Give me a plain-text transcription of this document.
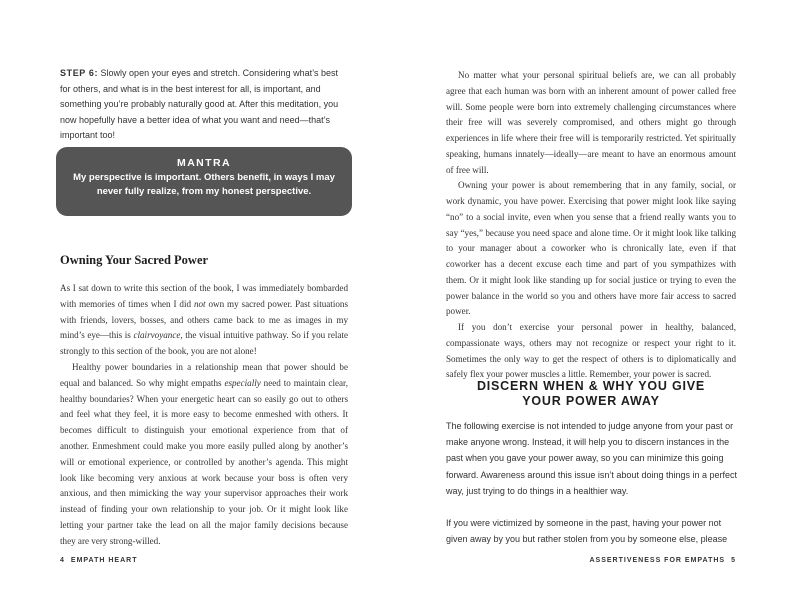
STEP 6: Slowly open your eyes and stretch. Considering what’s best for others, and what is in the best interest for all, is important, and something you’re probably naturally good at. After this meditation, you now hopefully have a better idea of what you want and need—that’s important too!
MANTRA
My perspective is important. Others benefit, in ways I may never fully realize, from my honest perspective.
Owning Your Sacred Power

As I sat down to write this section of the book, I was immediately bombarded with memories of times when I did not own my sacred power. Past situations with friends, lovers, bosses, and others came back to me as images in my mind’s eye—this is clairvoyance, the visual intuitive pathway. So if you relate strongly to this section of the book, you are not alone!

Healthy power boundaries in a relationship mean that power should be equal and balanced. So why might empaths especially need to maintain clear, healthy boundaries? When your energetic heart can so easily go out to others and feel what they feel, it is more easy to become enmeshed with others. It becomes difficult to distinguish your emotional experience from that of another. Enmeshment could make you more easily pulled along by another’s will or emotional experience, or controlled by another’s agenda. This might look like becoming very anxious at work because your boss is often very anxious, and then mimicking the way your supervisor approaches their work instead of finding your own relationship to your job. Or it might look like letting your partner take the lead on all the major family decisions because they are very strong-willed.

4 EMPATH HEART

No matter what your personal spiritual beliefs are, we can all probably agree that each human was born with an inherent amount of power called free will. Some people were born into extremely challenging circumstances where their free will was severely compromised, and others might go through experiences in life where their free will is temporarily restricted. Yet spiritually speaking, humans innately—ideally—are meant to have an enormous amount of free will.

Owning your power is about remembering that in any family, social, or work dynamic, you have power. Exercising that power might look like saying “no” to a social invite, even when you sense that a friend really wants you to say “yes,” because you need space and alone time. Or it might look like talking to your manager about a coworker who is chronically late, even if that coworker has a decent excuse each time and part of you sympathizes with them. Or it might look like standing up for social justice or trying to even the power balance in the world so you and others have more fair access to sacred power.

If you don’t exercise your personal power in healthy, balanced, compassionate ways, others may not recognize or respect your right to it. Sometimes the only way to get the respect of others is to diplomatically and safely flex your power muscles a little. Remember, your power is sacred.

DISCERN WHEN & WHY YOU GIVE
YOUR POWER AWAY

The following exercise is not intended to judge anyone from your past or make anyone wrong. Instead, it will help you to discern instances in the past when you gave your power away, so you can minimize this going forward. Awareness around this issue isn’t about doing things in a perfect way, just trying to do things in a healthier way.

If you were victimized by someone in the past, having your power not given away by you but rather stolen from you by someone else, please

ASSERTIVENESS FOR EMPATHS 5
